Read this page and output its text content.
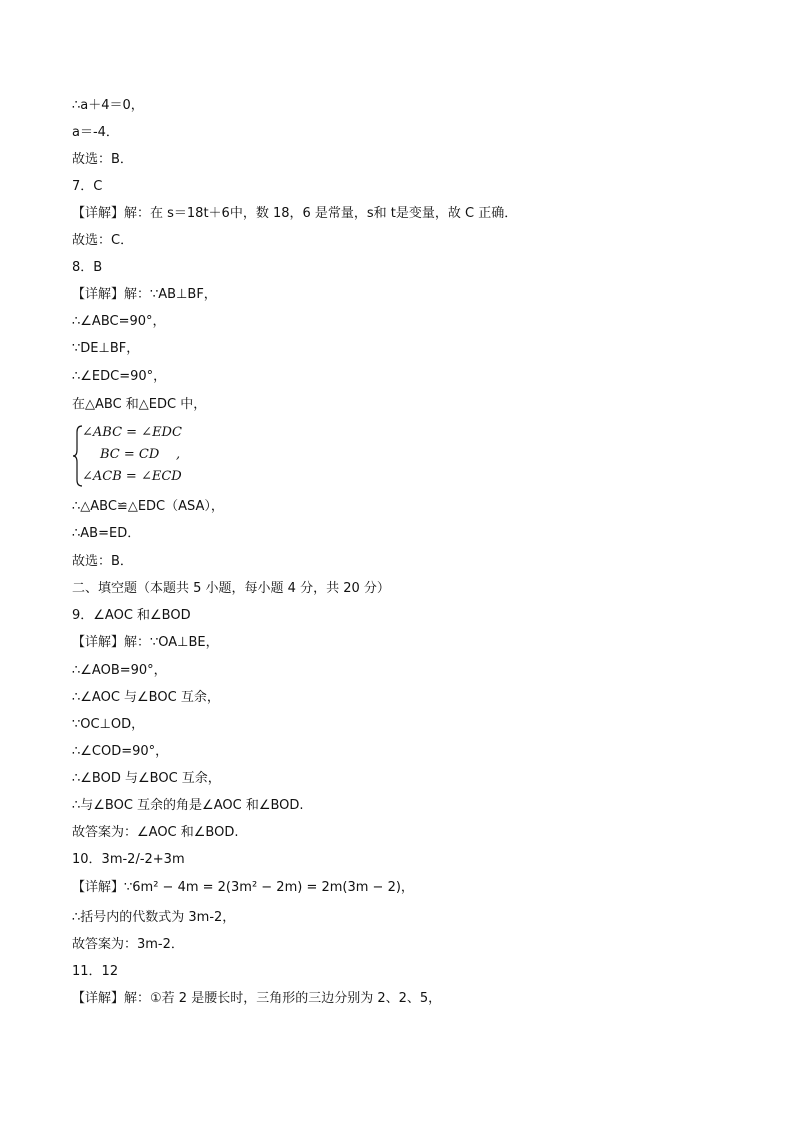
∴a＋4＝0，
a＝-4．
故选：B．
7．C
【详解】解：在 s＝18t＋6中，数 18，6 是常量，s和 t是变量，故 C 正确．
故选：C．
8．B
【详解】解：∵AB⊥BF，
∴∠ABC=90°，
∵DE⊥BF，
∴∠EDC=90°，
在△ABC 和△EDC 中，
∠ABC = ∠EDC
BC = CD ,
∠ACB = ∠ECD
∴△ABC≌△EDC（ASA），
∴AB=ED．
故选：B．
二、填空题（本题共 5 小题，每小题 4 分，共 20 分）
9．∠AOC 和∠BOD
【详解】解：∵OA⊥BE，
∴∠AOB=90°，
∴∠AOC 与∠BOC 互余，
∵OC⊥OD，
∴∠COD=90°，
∴∠BOD 与∠BOC 互余，
∴与∠BOC 互余的角是∠AOC 和∠BOD.
故答案为：∠AOC 和∠BOD.
10．3m-2/-2+3m
【详解】∵6m² − 4m = 2(3m² − 2m) = 2m(3m − 2)，
∴括号内的代数式为 3m-2，
故答案为：3m-2．
11．12
【详解】解：①若 2 是腰长时，三角形的三边分别为 2、2、5，
